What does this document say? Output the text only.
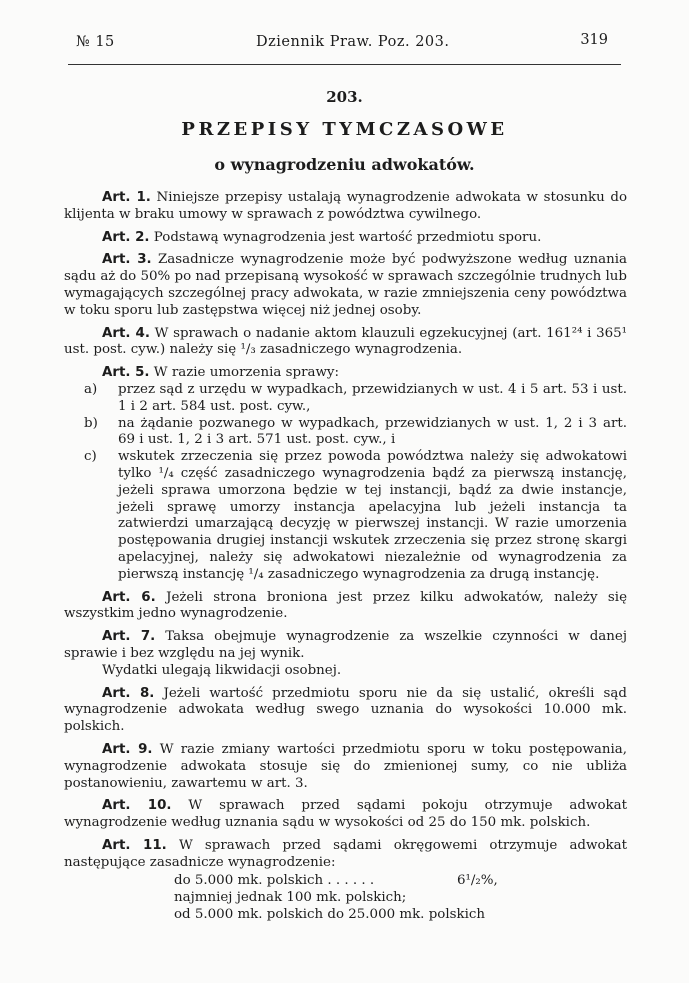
№ 15	Dziennik Praw. Poz. 203.	319
203.
PRZEPISY TYMCZASOWE
o wynagrodzeniu adwokatów.

Art. 1. Niniejsze przepisy ustalają wynagrodzenie adwokata w stosunku do klijenta w braku umowy w sprawach z powództwa cywilnego.

Art. 2. Podstawą wynagrodzenia jest wartość przedmiotu sporu.

Art. 3. Zasadnicze wynagrodzenie może być podwyższone według uznania sądu aż do 50% po nad przepisaną wysokość w sprawach szczególnie trudnych lub wymagających szczególnej pracy adwokata, w razie zmniejszenia ceny powództwa w toku sporu lub zastępstwa więcej niż jednej osoby.

Art. 4. W sprawach o nadanie aktom klauzuli egzekucyjnej (art. 161²⁴ i 365¹ ust. post. cyw.) należy się ¹/₃ zasadniczego wynagrodzenia.

Art. 5. W razie umorzenia sprawy:

a) przez sąd z urzędu w wypadkach, przewidzianych w ust. 4 i 5 art. 53 i ust. 1 i 2 art. 584 ust. post. cyw.,
b) na żądanie pozwanego w wypadkach, przewidzianych w ust. 1, 2 i 3 art. 69 i ust. 1, 2 i 3 art. 571 ust. post. cyw., i
c) wskutek zrzeczenia się przez powoda powództwa należy się adwokatowi tylko ¹/₄ część zasadniczego wynagrodzenia bądź za pierwszą instancję, jeżeli sprawa umorzona będzie w tej instancji, bądź za dwie instancje, jeżeli sprawę umorzy instancja apelacyjna lub jeżeli instancja ta zatwierdzi umarzającą decyzję w pierwszej instancji. W razie umorzenia postępowania drugiej instancji wskutek zrzeczenia się przez stronę skargi apelacyjnej, należy się adwokatowi niezależnie od wynagrodzenia za pierwszą instancję ¹/₄ zasadniczego wynagrodzenia za drugą instancję.

Art. 6. Jeżeli strona broniona jest przez kilku adwokatów, należy się wszystkim jedno wynagrodzenie.

Art. 7. Taksa obejmuje wynagrodzenie za wszelkie czynności w danej sprawie i bez względu na jej wynik.

Wydatki ulegają likwidacji osobnej.

Art. 8. Jeżeli wartość przedmiotu sporu nie da się ustalić, określi sąd wynagrodzenie adwokata według swego uznania do wysokości 10.000 mk. polskich.

Art. 9. W razie zmiany wartości przedmiotu sporu w toku postępowania, wynagrodzenie adwokata stosuje się do zmienionej sumy, co nie ubliża postanowieniu, zawartemu w art. 3.

Art. 10. W sprawach przed sądami pokoju otrzymuje adwokat wynagrodzenie według uznania sądu w wysokości od 25 do 150 mk. polskich.

Art. 11. W sprawach przed sądami okręgowemi otrzymuje adwokat następujące zasadnicze wynagrodzenie:

do 5.000 mk. polskich . . . . . .	6¹/₂%,
najmniej jednak 100 mk. polskich;
od 5.000 mk. polskich do 25.000 mk. polskich
